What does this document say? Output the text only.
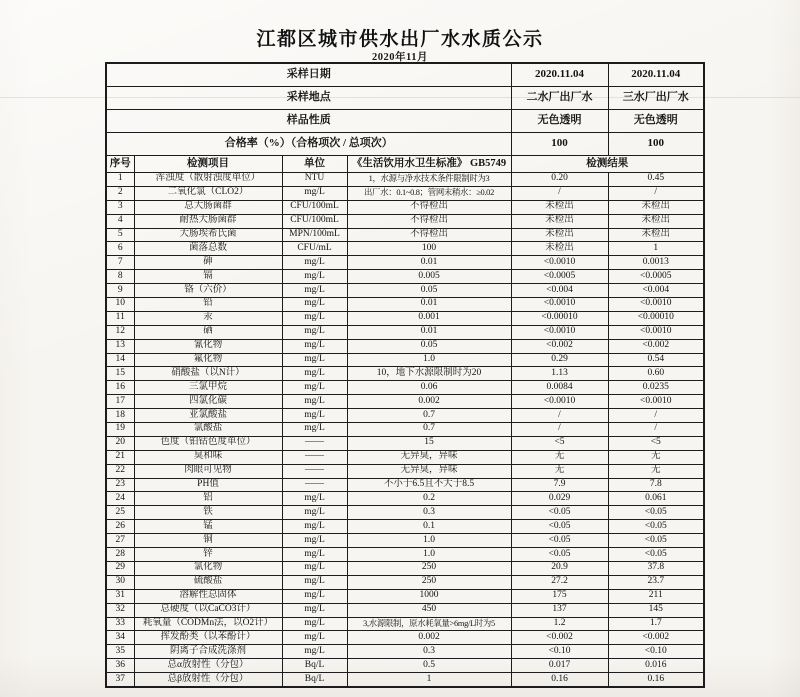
江都区城市供水出厂水水质公示
2020年11月
采样日期				2020.11.04	2020.11.04
采样地点				二水厂出厂水	三水厂出厂水
样品性质				无色透明	无色透明
合格率（%）（合格项次 / 总项次）				100	100
序号	检测项目	单位	《生活饮用水卫生标准》 GB5749	检测结果	
1	浑浊度（散射浊度单位）	NTU	1，水源与净水技术条件限制时为3	0.20	0.45
2	二氧化氯（CLO2）	mg/L	出厂水：0.1~0.8；管网末稍水：≥0.02	/	/
3	总大肠菌群	CFU/100mL	不得检出	未检出	未检出
4	耐热大肠菌群	CFU/100mL	不得检出	未检出	未检出
5	大肠埃希氏菌	MPN/100mL	不得检出	未检出	未检出
6	菌落总数	CFU/mL	100	未检出	1
7	砷	mg/L	0.01	<0.0010	0.0013
8	镉	mg/L	0.005	<0.0005	<0.0005
9	铬（六价）	mg/L	0.05	<0.004	<0.004
10	铅	mg/L	0.01	<0.0010	<0.0010
11	汞	mg/L	0.001	<0.00010	<0.00010
12	硒	mg/L	0.01	<0.0010	<0.0010
13	氰化物	mg/L	0.05	<0.002	<0.002
14	氟化物	mg/L	1.0	0.29	0.54
15	硝酸盐（以N计）	mg/L	10，地下水源限制时为20	1.13	0.60
16	三氯甲烷	mg/L	0.06	0.0084	0.0235
17	四氯化碳	mg/L	0.002	<0.0010	<0.0010
18	亚氯酸盐	mg/L	0.7	/	/
19	氯酸盐	mg/L	0.7	/	/
20	色度（铂钴色度单位）	——	15	<5	<5
21	臭和味	——	无异臭，异味	无	无
22	肉眼可见物	——	无异臭，异味	无	无
23	PH值	——	不小于6.5且不大于8.5	7.9	7.8
24	铝	mg/L	0.2	0.029	0.061
25	铁	mg/L	0.3	<0.05	<0.05
26	锰	mg/L	0.1	<0.05	<0.05
27	铜	mg/L	1.0	<0.05	<0.05
28	锌	mg/L	1.0	<0.05	<0.05
29	氯化物	mg/L	250	20.9	37.8
30	硫酸盐	mg/L	250	27.2	23.7
31	溶解性总固体	mg/L	1000	175	211
32	总硬度（以CaCO3计）	mg/L	450	137	145
33	耗氧量（CODMn法，以O2计）	mg/L	3,水源限制，原水耗氧量>6mg/L时为5	1.2	1.7
34	挥发酚类（以苯酚计）	mg/L	0.002	<0.002	<0.002
35	阴离子合成洗涤剂	mg/L	0.3	<0.10	<0.10
36	总α放射性（分包）	Bq/L	0.5	0.017	0.016
37	总β放射性（分包）	Bq/L	1	0.16	0.16
